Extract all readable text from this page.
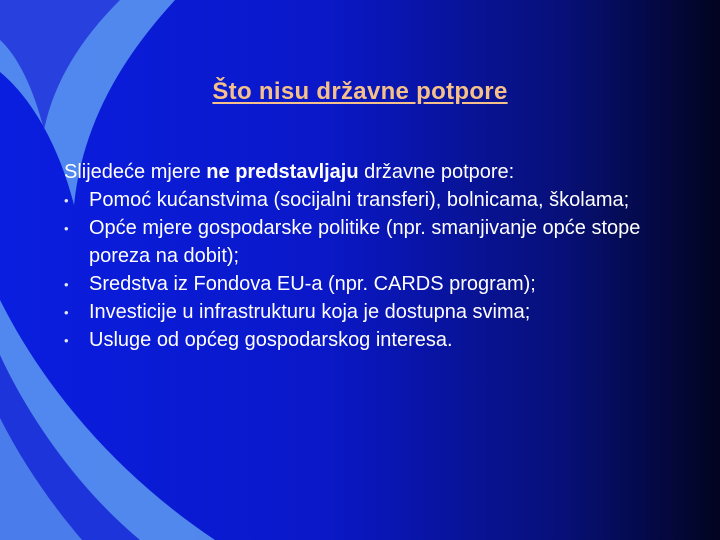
Što nisu državne potpore

Slijedeće mjere ne predstavljaju državne potpore:

• Pomoć kućanstvima (socijalni transferi), bolnicama, školama;
• Opće mjere gospodarske politike (npr. smanjivanje opće stope poreza na dobit);
• Sredstva iz Fondova EU-a (npr. CARDS program);
• Investicije u infrastrukturu koja je dostupna svima;
• Usluge od općeg gospodarskog interesa.
